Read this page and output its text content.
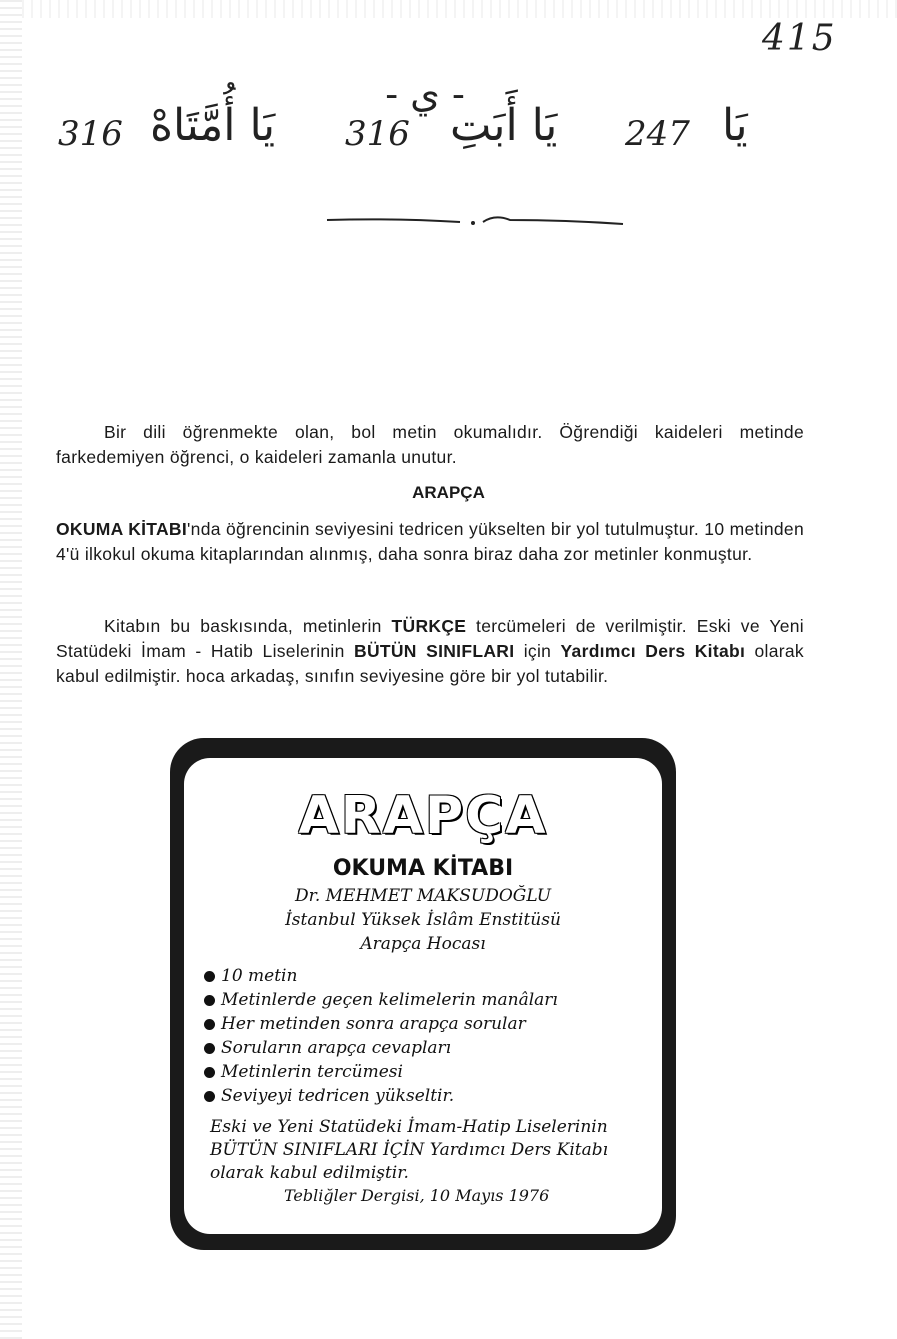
415
- ي -
316 يَا أُمَّتَاهْ 316 يَا أَبَتِ 247 يَا

Bir dili öğrenmekte olan, bol metin okumalıdır. Öğrendiği kaideleri metinde farkedemiyen öğrenci, o kaideleri zamanla unutur.

ARAPÇA

OKUMA KİTABI'nda öğrencinin seviyesini tedricen yükselten bir yol tutulmuştur. 10 metinden 4'ü ilkokul okuma kitaplarından alınmış, daha sonra biraz daha zor metinler konmuştur.

Kitabın bu baskısında, metinlerin TÜRKÇE tercümeleri de verilmiştir. Eski ve Yeni Statüdeki İmam - Hatib Liselerinin BÜTÜN SINIFLARI için Yardımcı Ders Kitabı olarak kabul edilmiştir. hoca arkadaş, sınıfın seviyesine göre bir yol tutabilir.

ARAPÇA
OKUMA KİTABI
Dr. MEHMET MAKSUDOĞLU
İstanbul Yüksek İslâm Enstitüsü
Arapça Hocası
10 metin
Metinlerde geçen kelimelerin manâları
Her metinden sonra arapça sorular
Soruların arapça cevapları
Metinlerin tercümesi
Seviyeyi tedricen yükseltir.
Eski ve Yeni Statüdeki İmam-Hatip Liselerinin BÜTÜN SINIFLARI İÇİN Yardımcı Ders Kitabı olarak kabul edilmiştir.
Tebliğler Dergisi, 10 Mayıs 1976
